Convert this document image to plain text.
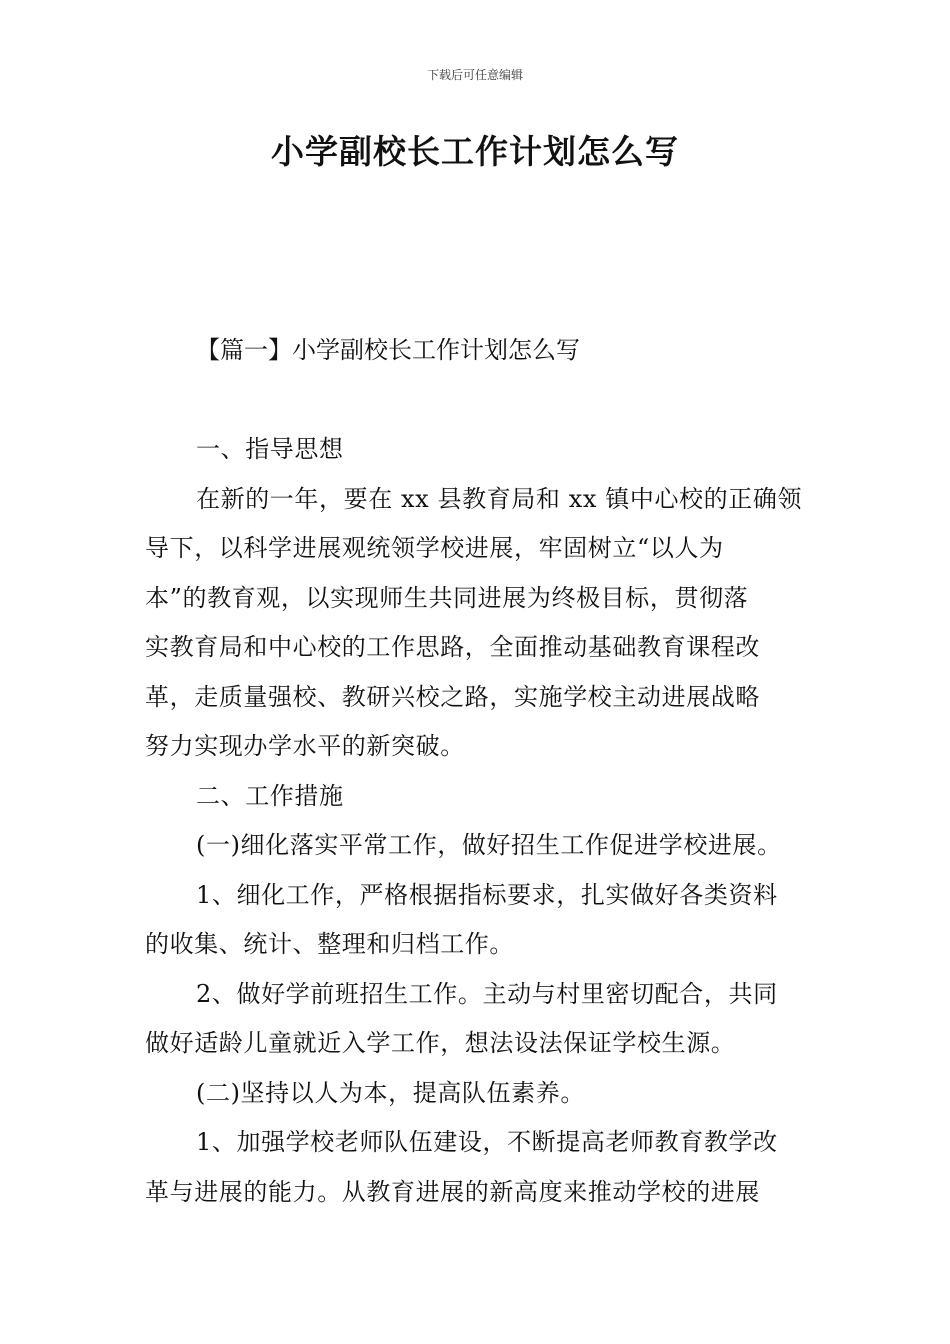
下载后可任意编辑
小学副校长工作计划怎么写
【篇一】小学副校长工作计划怎么写

一、指导思想

在新的一年，要在 xx 县教育局和 xx 镇中心校的正确领

导下，以科学进展观统领学校进展，牢固树立“以人为

本”的教育观，以实现师生共同进展为终极目标，贯彻落

实教育局和中心校的工作思路，全面推动基础教育课程改

革，走质量强校、教研兴校之路，实施学校主动进展战略

努力实现办学水平的新突破。

二、工作措施

(一)细化落实平常工作，做好招生工作促进学校进展。

1、细化工作，严格根据指标要求，扎实做好各类资料

的收集、统计、整理和归档工作。

2、做好学前班招生工作。主动与村里密切配合，共同

做好适龄儿童就近入学工作，想法设法保证学校生源。

(二)坚持以人为本，提高队伍素养。

1、加强学校老师队伍建设，不断提高老师教育教学改

革与进展的能力。从教育进展的新高度来推动学校的进展
